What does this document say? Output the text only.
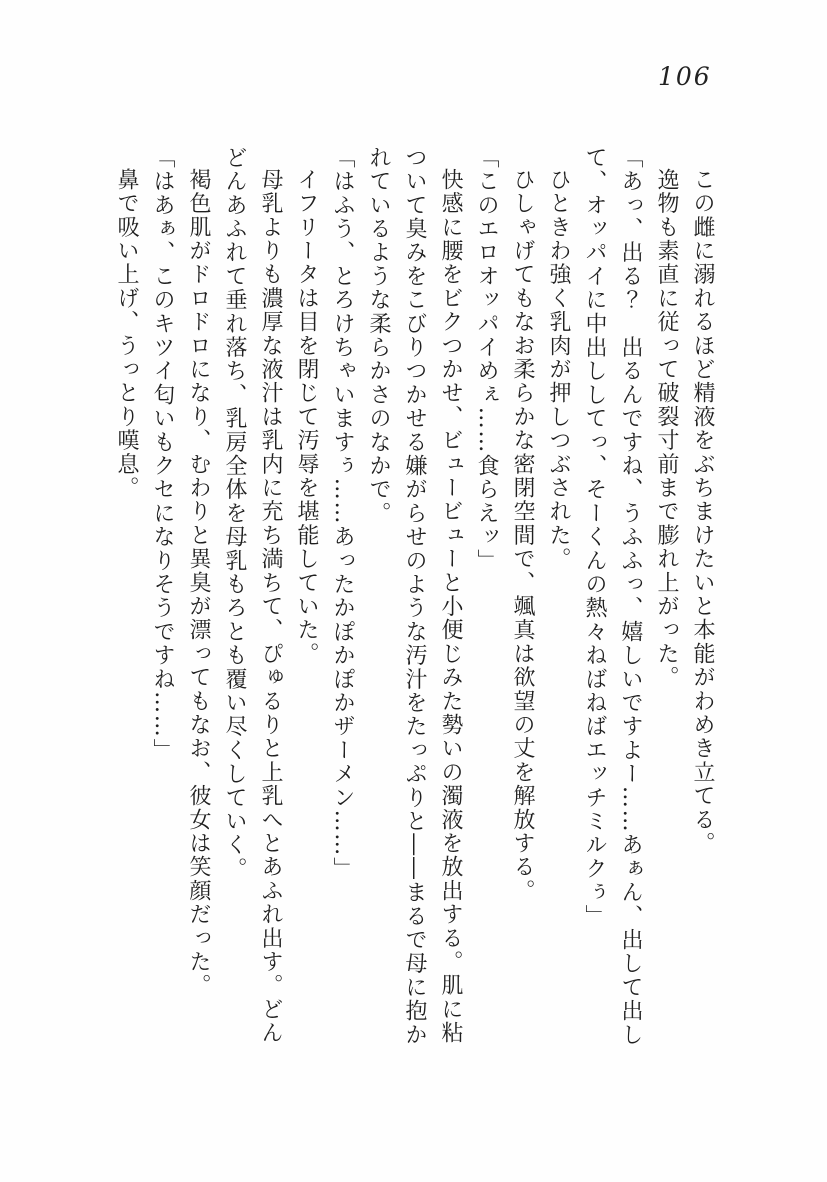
106

この雌に溺れるほど精液をぶちまけたいと本能がわめき立てる。

逸物も素直に従って破裂寸前まで膨れ上がった。

「あっ、出る？　出るんですね、うふふっ、嬉しいですよー……あぁん、出して出して、オッパイに中出ししてっ、そーくんの熱々ねばねばエッチミルクぅ」

ひときわ強く乳肉が押しつぶされた。

ひしゃげてもなお柔らかな密閉空間で、颯真は欲望の丈を解放する。

「このエロオッパイめぇ……食らえッ」

快感に腰をビクつかせ、ビュービューと小便じみた勢いの濁液を放出する。肌に粘ついて臭みをこびりつかせる嫌がらせのような汚汁をたっぷりと――まるで母に抱かれているような柔らかさのなかで。

「はふう、とろけちゃいますぅ……あったかぽかぽかザーメン……」

イフリータは目を閉じて汚辱を堪能していた。

母乳よりも濃厚な液汁は乳内に充ち満ちて、ぴゅるりと上乳へとあふれ出す。どんどんあふれて垂れ落ち、乳房全体を母乳もろとも覆い尽くしていく。

褐色肌がドロドロになり、むわりと異臭が漂ってもなお、彼女は笑顔だった。

「はあぁ、このキツイ匂いもクセになりそうですね……」

鼻で吸い上げ、うっとり嘆息。
